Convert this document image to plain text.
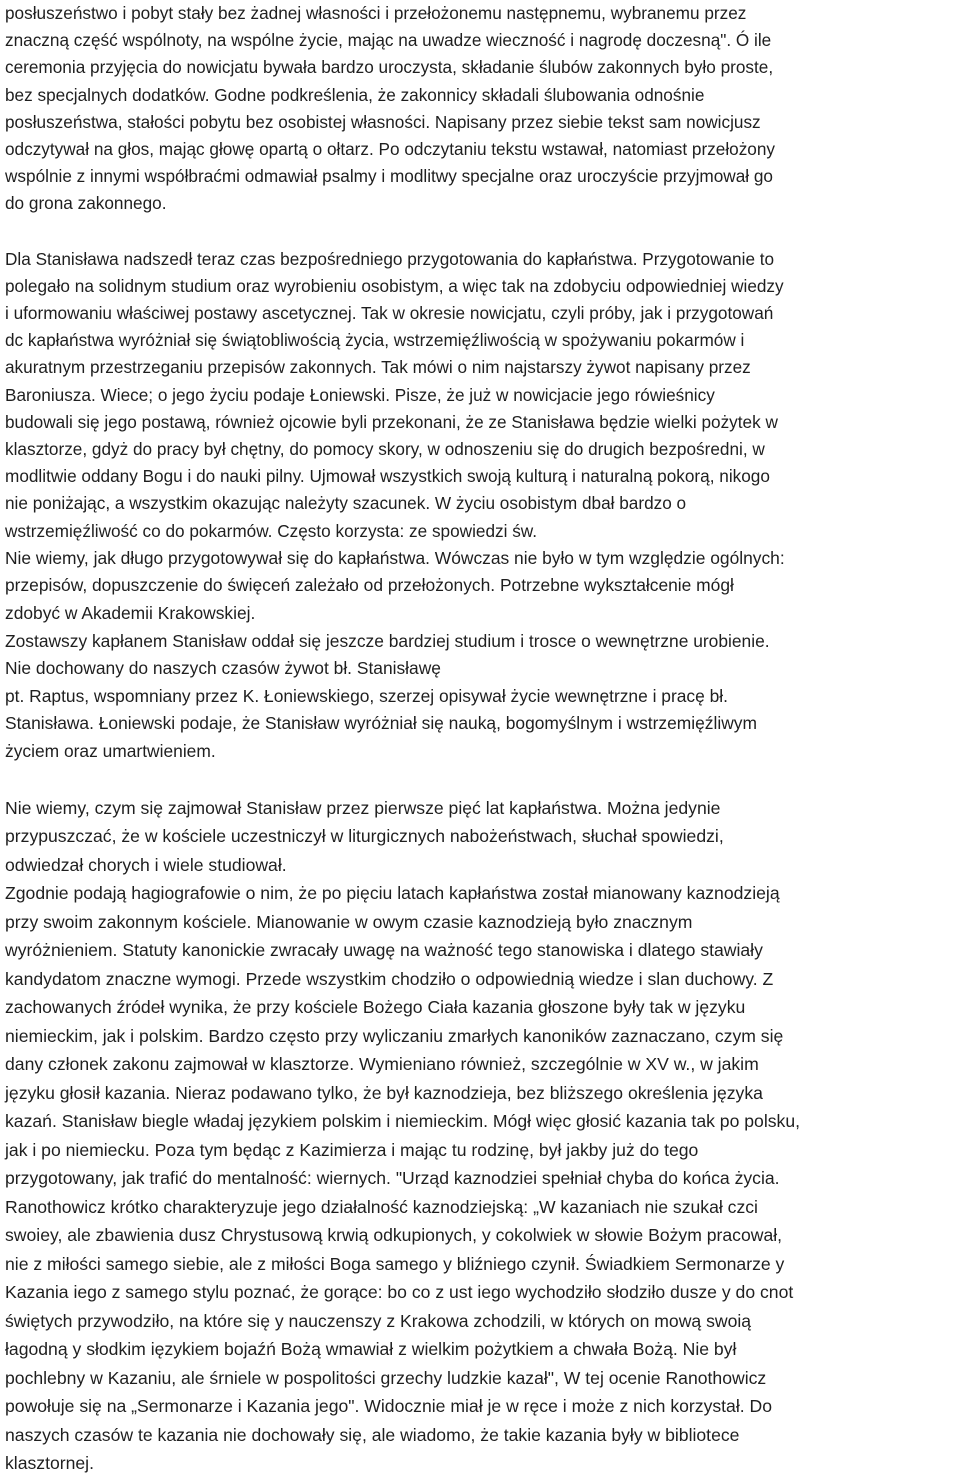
posłuszeństwo i pobyt stały bez żadnej własności i przełożonemu następnemu, wybranemu przez
znaczną część wspólnoty, na wspólne życie, mając na uwadze wieczność i nagrodę doczesną". Ó ile
ceremonia przyjęcia do nowicjatu bywała bardzo uroczysta, składanie ślubów zakonnych było proste,
bez specjalnych dodatków. Godne podkreślenia, że zakonnicy składali ślubowania odnośnie
posłuszeństwa, stałości pobytu bez osobistej własności. Napisany przez siebie tekst sam nowicjusz
odczytywał na głos, mając głowę opartą o ołtarz. Po odczytaniu tekstu wstawał, natomiast przełożony
wspólnie z innymi współbraćmi odmawiał psalmy i modlitwy specjalne oraz uroczyście przyjmował go
do grona zakonnego.

Dla Stanisława nadszedł teraz czas bezpośredniego przygotowania do kapłaństwa. Przygotowanie to
polegało na solidnym studium oraz wyrobieniu osobistym, a więc tak na zdobyciu odpowiedniej wiedzy
i uformowaniu właściwej postawy ascetycznej. Tak w okresie nowicjatu, czyli próby, jak i przygotowań
dc kapłaństwa wyróżniał się świątobliwością życia, wstrzemięźliwością w spożywaniu pokarmów i
akuratnym przestrzeganiu przepisów zakonnych. Tak mówi o nim najstarszy żywot napisany przez
Baroniusza. Wiece; o jego życiu podaje Łoniewski. Pisze, że już w nowicjacie jego rówieśnicy
budowali się jego postawą, również ojcowie byli przekonani, że ze Stanisława będzie wielki pożytek w
klasztorze, gdyż do pracy był chętny, do pomocy skory, w odnoszeniu się do drugich bezpośredni, w
modlitwie oddany Bogu i do nauki pilny. Ujmował wszystkich swoją kulturą i naturalną pokorą, nikogo
nie poniżając, a wszystkim okazując należyty szacunek. W życiu osobistym dbał bardzo o
wstrzemięźliwość co do pokarmów. Często korzysta: ze spowiedzi św.

Nie wiemy, jak długo przygotowywał się do kapłaństwa. Wówczas nie było w tym względzie ogólnych:
przepisów, dopuszczenie do święceń zależało od przełożonych. Potrzebne wykształcenie mógł
zdobyć w Akademii Krakowskiej.
Zostawszy kapłanem Stanisław oddał się jeszcze bardziej studium i trosce o wewnętrzne urobienie.
Nie dochowany do naszych czasów żywot bł. Stanisławę
pt. Raptus, wspomniany przez K. Łoniewskiego, szerzej opisywał życie wewnętrzne i pracę bł.
Stanisława. Łoniewski podaje, że Stanisław wyróżniał się nauką, bogomyślnym i wstrzemięźliwym
życiem oraz umartwieniem.

Nie wiemy, czym się zajmował Stanisław przez pierwsze pięć lat kapłaństwa. Można jedynie
przypuszczać, że w kościele uczestniczył w liturgicznych nabożeństwach, słuchał spowiedzi,
odwiedzał chorych i wiele studiował.
Zgodnie podają hagiografowie o nim, że po pięciu latach kapłaństwa został mianowany kaznodzieją
przy swoim zakonnym kościele. Mianowanie w owym czasie kaznodzieją było znacznym
wyróżnieniem. Statuty kanonickie zwracały uwagę na ważność tego stanowiska i dlatego stawiały
kandydatom znaczne wymogi. Przede wszystkim chodziło o odpowiednią wiedze i slan duchowy. Z
zachowanych źródeł wynika, że przy kościele Bożego Ciała kazania głoszone były tak w języku
niemieckim, jak i polskim. Bardzo często przy wyliczaniu zmarłych kanoników zaznaczano, czym się
dany członek zakonu zajmował w klasztorze. Wymieniano również, szczególnie w XV w., w jakim
języku głosił kazania. Nieraz podawano tylko, że był kaznodzieja, bez bliższego określenia języka
kazań. Stanisław biegle władaj językiem polskim i niemieckim. Mógł więc głosić kazania tak po polsku,
jak i po niemiecku. Poza tym będąc z Kazimierza i mając tu rodzinę, był jakby już do tego
przygotowany, jak trafić do mentalność: wiernych. "Urząd kaznodziei spełniał chyba do końca życia.
Ranothowicz krótko charakteryzuje jego działalność kaznodziejską: „W kazaniach nie szukał czci
swoiey, ale zbawienia dusz Chrystusową krwią odkupionych, y cokolwiek w słowie Bożym pracował,
nie z miłości samego siebie, ale z miłości Boga samego y bliźniego czynił. Świadkiem Sermonarze y
Kazania iego z samego stylu poznać, że gorące: bo co z ust iego wychodziło słodziło dusze y do cnot
świętych przywodziło, na które się y nauczenszy z Krakowa zchodzili, w których on mową swoią
łagodną y słodkim ięzykiem bojaźń Bożą wmawiał z wielkim pożytkiem a chwała Bożą. Nie był
pochlebny w Kazaniu, ale śrniele w pospolitości grzechy ludzkie kazał", W tej ocenie Ranothowicz
powołuje się na „Sermonarze i Kazania jego". Widocznie miał je w ręce i może z nich korzystał. Do
naszych czasów te kazania nie dochowały się, ale wiadomo, że takie kazania były w bibliotece
klasztornej.
